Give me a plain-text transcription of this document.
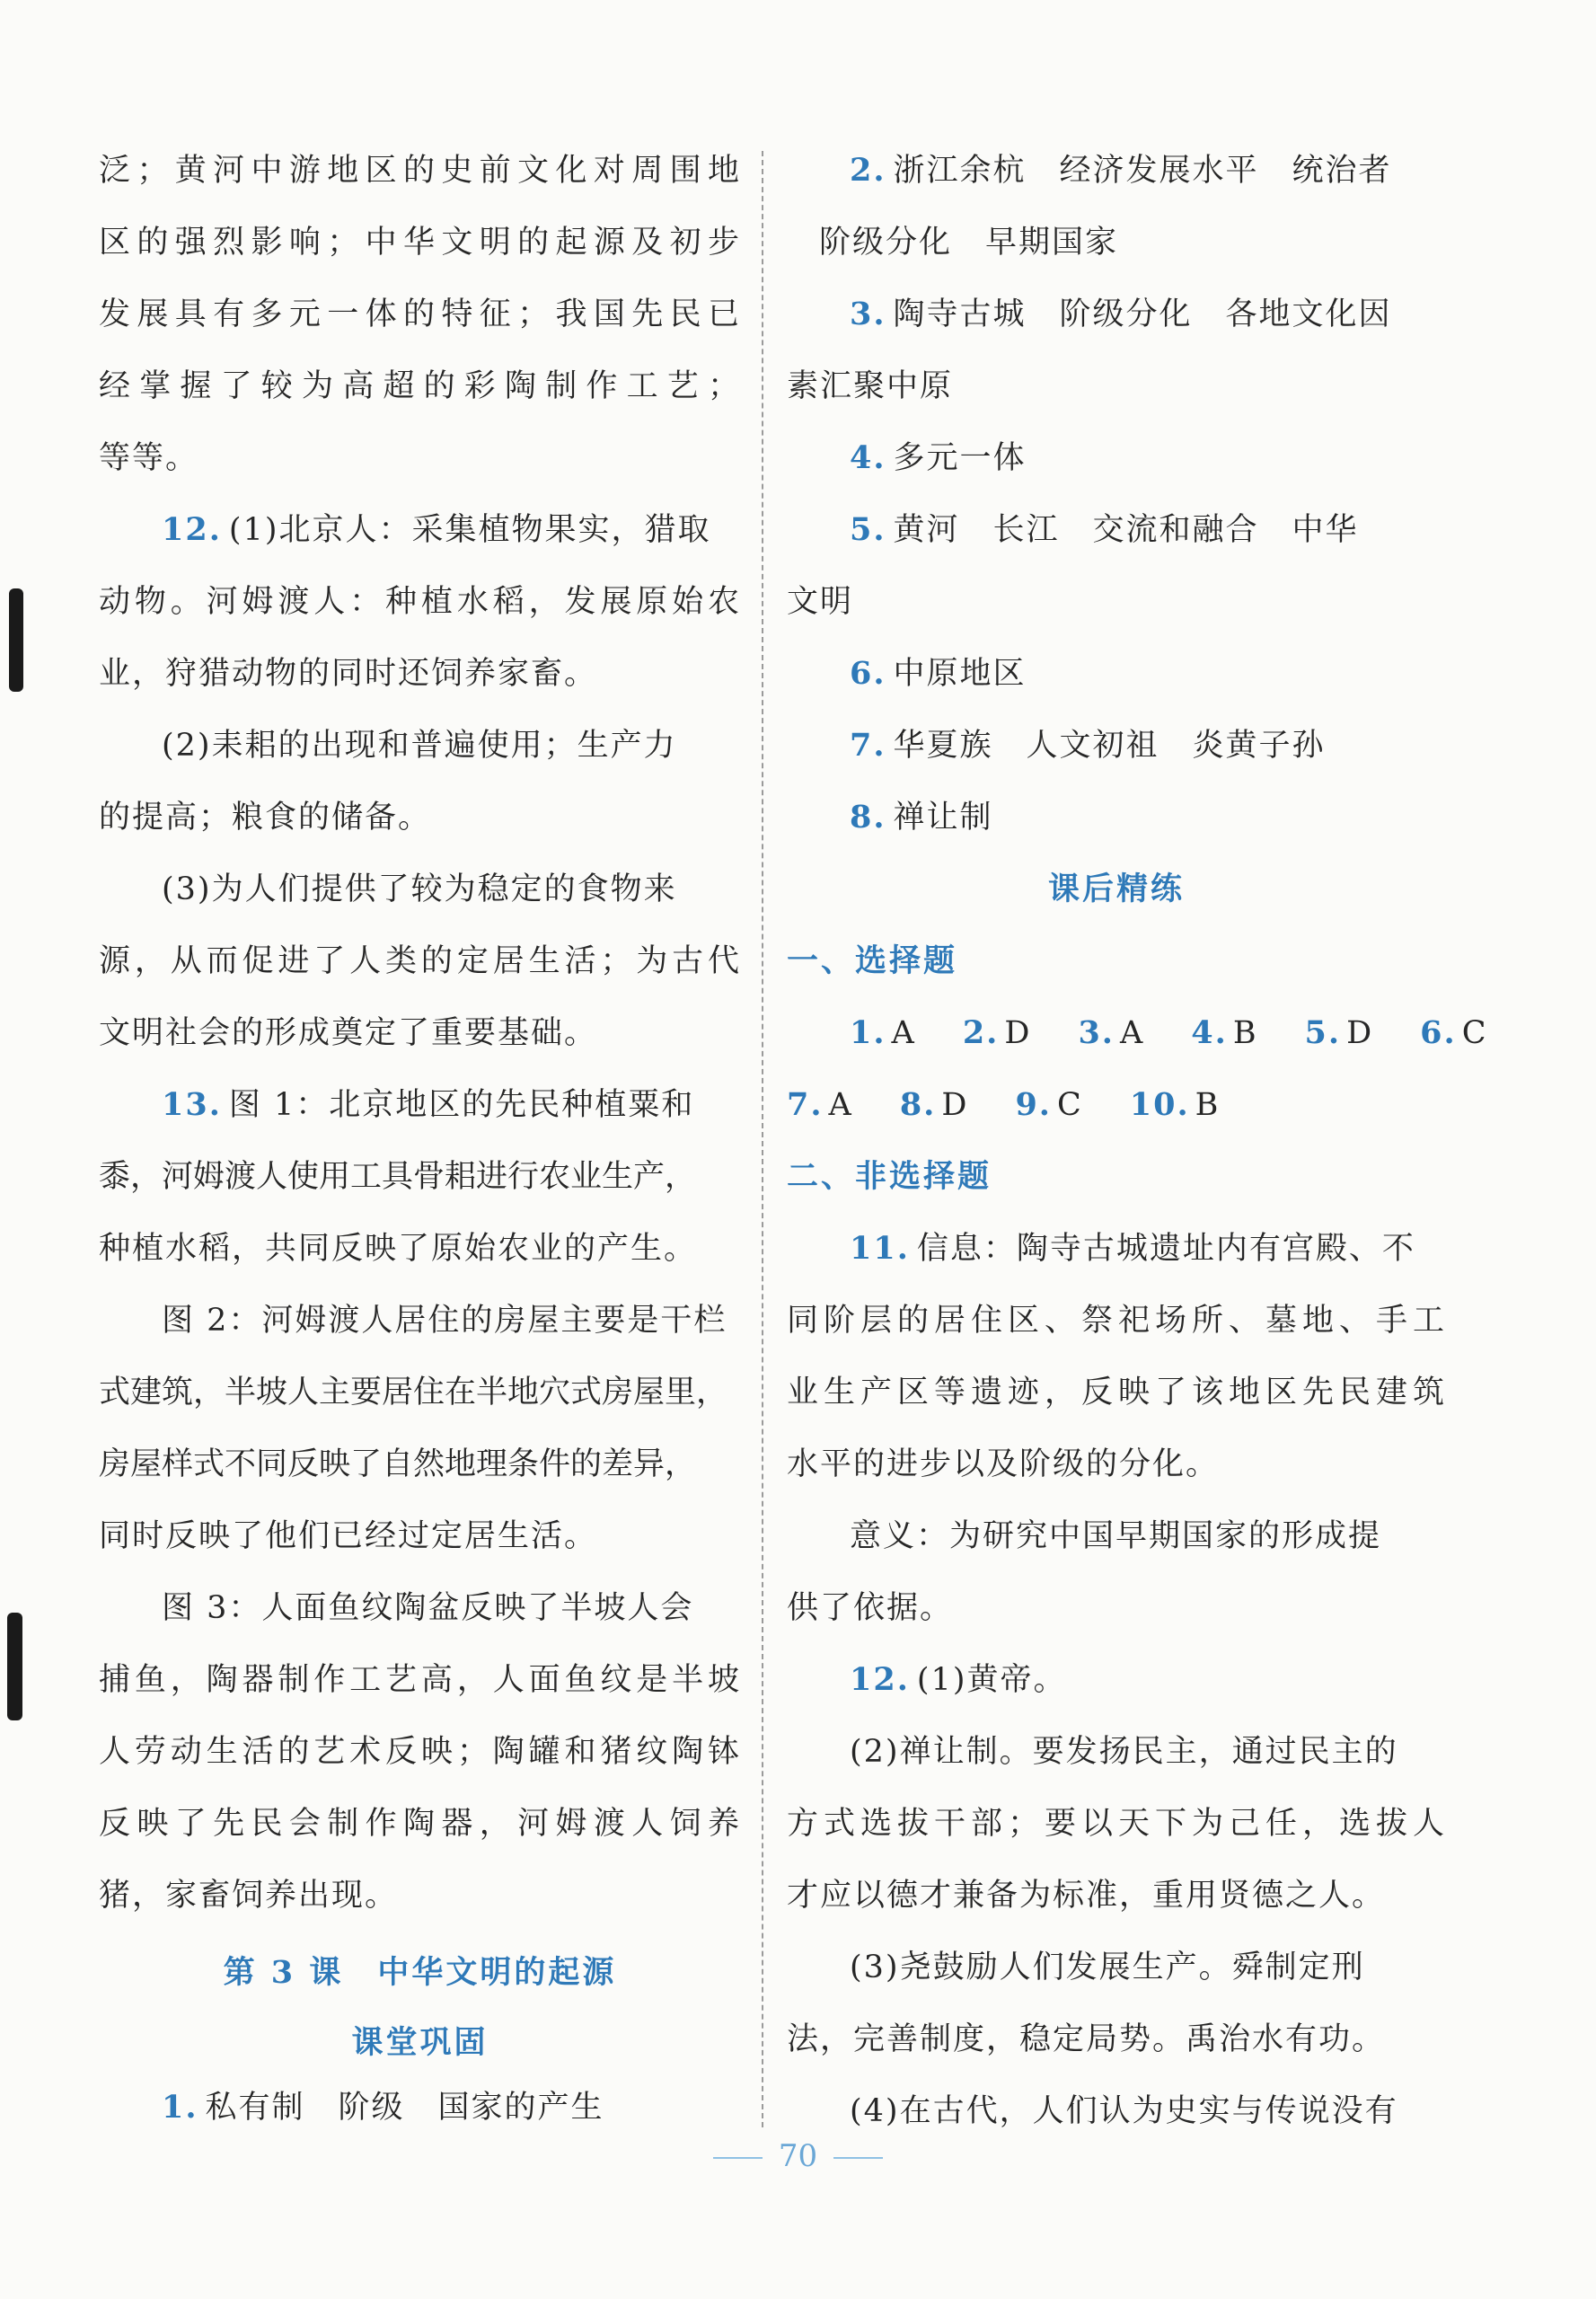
泛；黄河中游地区的史前文化对周围地
区的强烈影响；中华文明的起源及初步
发展具有多元一体的特征；我国先民已
经掌握了较为高超的彩陶制作工艺；
等等。
12. (1)北京人：采集植物果实，猎取
动物。河姆渡人：种植水稻，发展原始农
业，狩猎动物的同时还饲养家畜。
(2)耒耜的出现和普遍使用；生产力
的提高；粮食的储备。
(3)为人们提供了较为稳定的食物来
源，从而促进了人类的定居生活；为古代
文明社会的形成奠定了重要基础。
13. 图 1：北京地区的先民种植粟和
黍，河姆渡人使用工具骨耜进行农业生产，
种植水稻，共同反映了原始农业的产生。
图 2：河姆渡人居住的房屋主要是干栏
式建筑，半坡人主要居住在半地穴式房屋里，
房屋样式不同反映了自然地理条件的差异，
同时反映了他们已经过定居生活。
图 3：人面鱼纹陶盆反映了半坡人会
捕鱼，陶器制作工艺高，人面鱼纹是半坡
人劳动生活的艺术反映；陶罐和猪纹陶钵
反映了先民会制作陶器，河姆渡人饲养
猪，家畜饲养出现。
第 3 课　中华文明的起源
课堂巩固
1. 私有制　阶级　国家的产生
2. 浙江余杭　经济发展水平　统治者
阶级分化　早期国家
3. 陶寺古城　阶级分化　各地文化因
素汇聚中原
4. 多元一体
5. 黄河　长江　交流和融合　中华
文明
6. 中原地区
7. 华夏族　人文初祖　炎黄子孙
8. 禅让制
课后精练
一、选择题
1. A 2. D 3. A 4. B 5. D 6. C
7. A 8. D 9. C 10. B
二、非选择题
11. 信息：陶寺古城遗址内有宫殿、不
同阶层的居住区、祭祀场所、墓地、手工
业生产区等遗迹，反映了该地区先民建筑
水平的进步以及阶级的分化。
意义：为研究中国早期国家的形成提
供了依据。
12. (1)黄帝。
(2)禅让制。要发扬民主，通过民主的
方式选拔干部；要以天下为己任，选拔人
才应以德才兼备为标准，重用贤德之人。
(3)尧鼓励人们发展生产。舜制定刑
法，完善制度，稳定局势。禹治水有功。
(4)在古代，人们认为史实与传说没有
70
